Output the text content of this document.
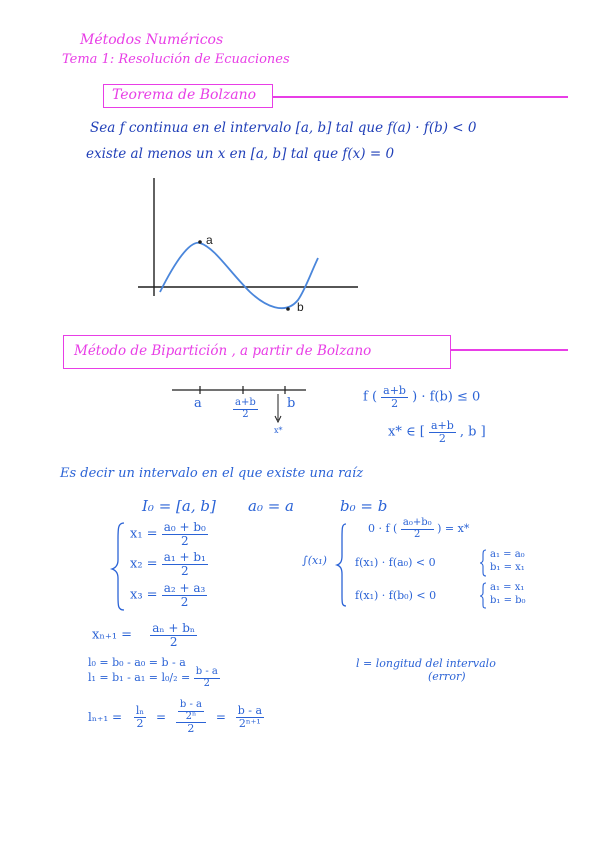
Métodos Numéricos
Tema 1: Resolución de Ecuaciones
Teorema de Bolzano
Sea f continua en el intervalo [a, b] tal que f(a) · f(b) < 0
existe al menos un x en [a, b] tal que f(x) = 0
a
b
Método de Bipartición , a partir de Bolzano
a	$\frac{a+b}{2}$ b
x*
f ( $\frac{a+b}{2}$ ) · f(b) ≤ 0
x* ∈ [ $\frac{a+b}{2}$ , b ]
Es decir un intervalo en el que existe una raíz
I₀ = [a, b] a₀ = a	b₀ = b
$x_1 = \frac{\text{a₀ + b₀}}{2}$
$x_2 = \frac{\text{a₁ + b₁}}{2}$
$x_3 = \frac{\text{a₂ + a₃}}{2}$
∫(x₁)
0 · f ( $\frac{\text{a₀+b₀}}{2}$ ) = x*
f(x₁) · f(a₀) < 0
a₁ = a₀
b₁ = x₁
f(x₁) · f(b₀) < 0
a₁ = x₁
b₁ = b₀
$x_{n+1} = \frac{\text{aₙ + bₙ}}{2}$
l₀ = b₀ - a₀ = b - a
$l_1 = b_1 - a_1 = l_0/_2 = \frac{b - a}{2}$
l = longitud del intervalo
(error)
$l_{n+1} = \frac{\text{lₙ}}{2} = \frac{\frac{b - a}{\text{2ⁿ}}}{2} = \frac{b - a}{\text{2ⁿ⁺¹}}$
